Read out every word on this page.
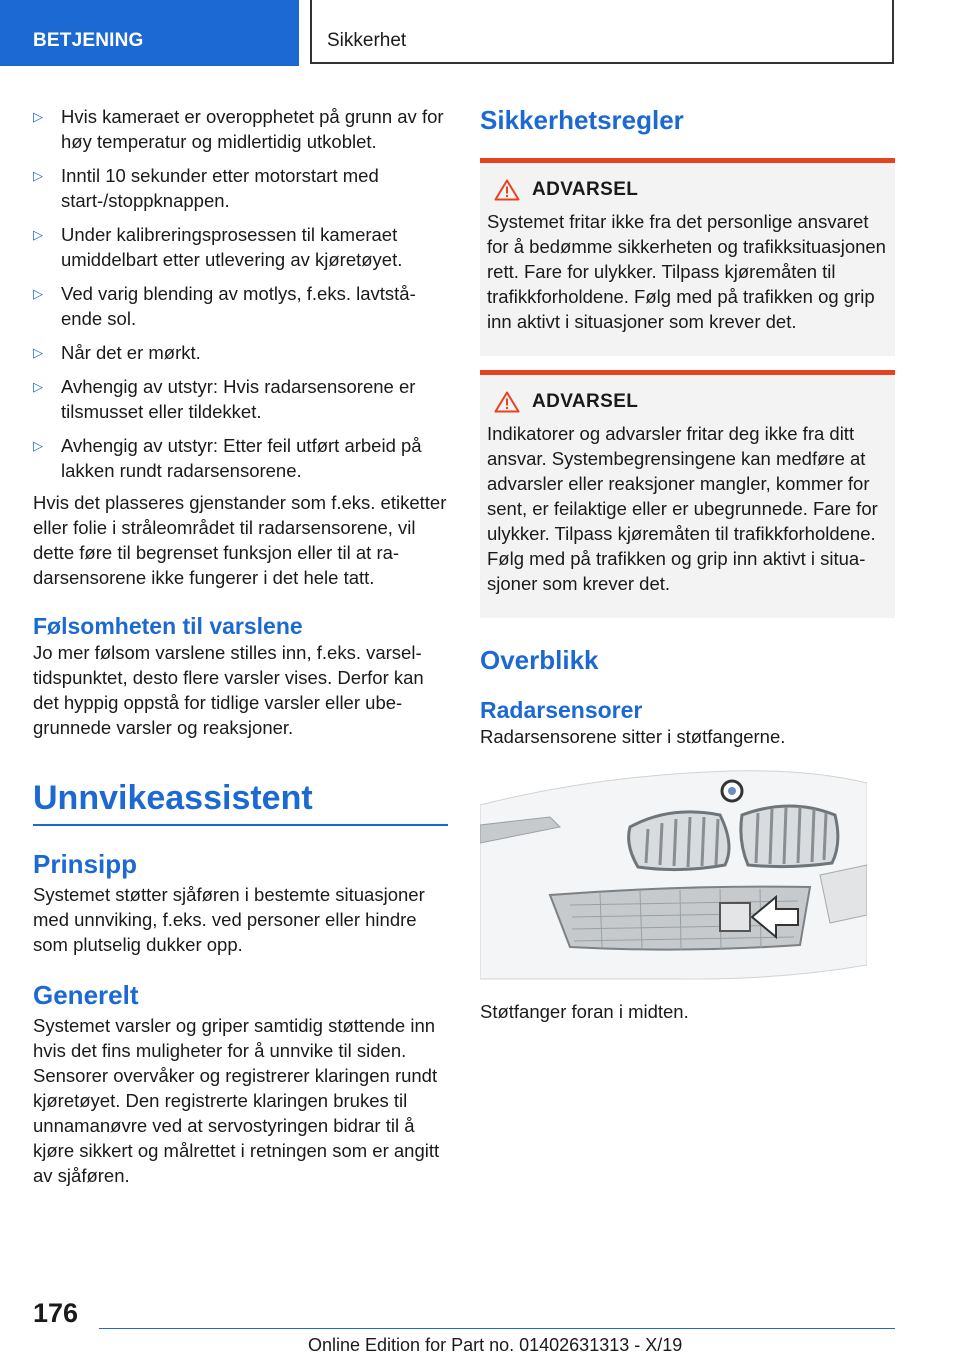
BETJENING	Sikkerhet
▷ Hvis kameraet er overopphetet på grunn av for høy temperatur og midlertidig utkoblet.
▷ Inntil 10 sekunder etter motorstart med start-/stoppknappen.
▷ Under kalibreringsprosessen til kameraet umiddelbart etter utlevering av kjøretøyet.
▷ Ved varig blending av motlys, f.eks. lavtstående sol.
▷ Når det er mørkt.
▷ Avhengig av utstyr: Hvis radarsensorene er tilsmusset eller tildekket.
▷ Avhengig av utstyr: Etter feil utført arbeid på lakken rundt radarsensorene.

Hvis det plasseres gjenstander som f.eks. etiketter eller folie i stråleområdet til radarsensorene, vil dette føre til begrenset funksjon eller til at radarsensorene ikke fungerer i det hele tatt.

Følsomheten til varslene

Jo mer følsom varslene stilles inn, f.eks. varseltidspunktet, desto flere varsler vises. Derfor kan det hyppig oppstå for tidlige varsler eller ubegrunnede varsler og reaksjoner.

Unnvikeassistent
Prinsipp

Systemet støtter sjåføren i bestemte situasjoner med unnviking, f.eks. ved personer eller hindre som plutselig dukker opp.

Generelt

Systemet varsler og griper samtidig støttende inn hvis det fins muligheter for å unnvike til siden. Sensorer overvåker og registrerer klaringen rundt kjøretøyet. Den registrerte klaringen brukes til unnamanøvre ved at servostyringen bidrar til å kjøre sikkert og målrettet i retningen som er angitt av sjåføren.

Sikkerhetsregler
ADVARSEL

Systemet fritar ikke fra det personlige ansvaret for å bedømme sikkerheten og trafikksituasjonen rett. Fare for ulykker. Tilpass kjøremåten til trafikkforholdene. Følg med på trafikken og grip inn aktivt i situasjoner som krever det.

ADVARSEL

Indikatorer og advarsler fritar deg ikke fra ditt ansvar. Systembegrensingene kan medføre at advarsler eller reaksjoner mangler, kommer for sent, er feilaktige eller er ubegrunnede. Fare for ulykker. Tilpass kjøremåten til trafikkforholdene. Følg med på trafikken og grip inn aktivt i situasjoner som krever det.

Overblikk
Radarsensorer

Radarsensorene sitter i støtfangerne.

Støtfanger foran i midten.

176
Online Edition for Part no. 01402631313 - X/19
